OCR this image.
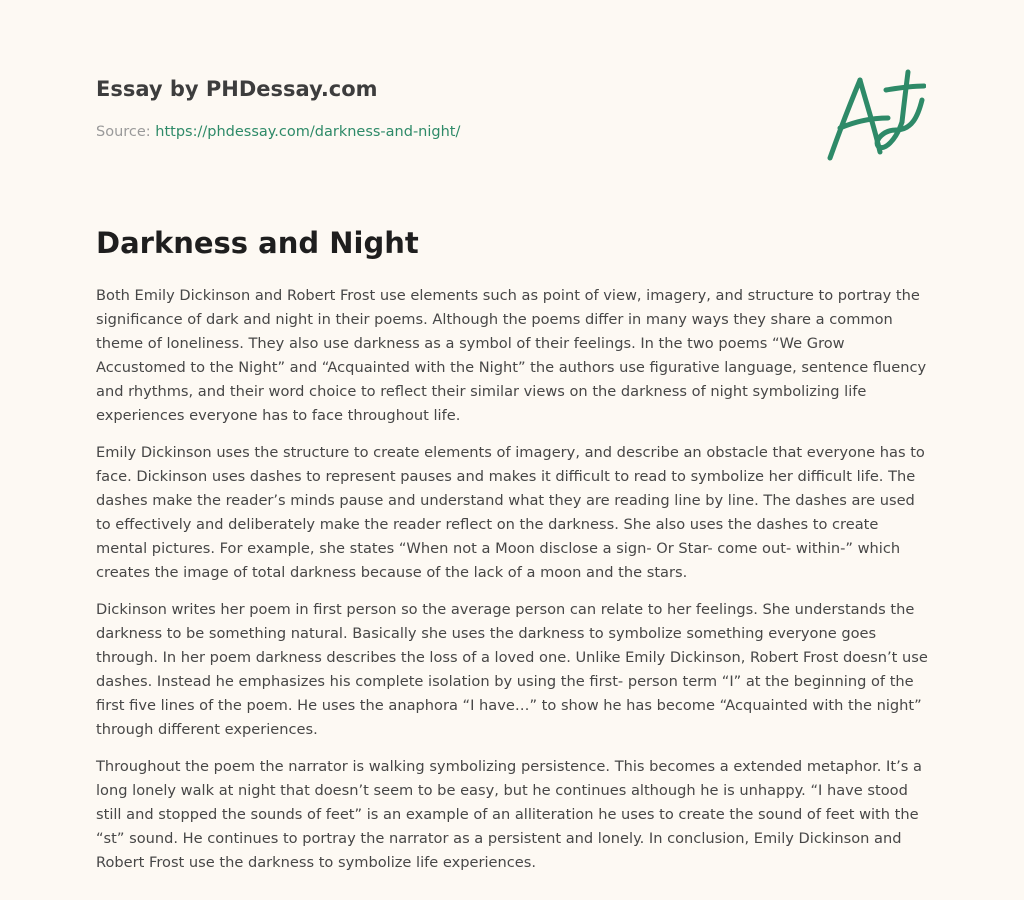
Essay by PHDessay.com
Source: https://phdessay.com/darkness-and-night/
Darkness and Night

Both Emily Dickinson and Robert Frost use elements such as point of view, imagery, and structure to portray the significance of dark and night in their poems. Although the poems differ in many ways they share a common theme of loneliness. They also use darkness as a symbol of their feelings. In the two poems “We Grow Accustomed to the Night” and “Acquainted with the Night” the authors use figurative language, sentence fluency and rhythms, and their word choice to reflect their similar views on the darkness of night symbolizing life experiences everyone has to face throughout life.

Emily Dickinson uses the structure to create elements of imagery, and describe an obstacle that everyone has to face. Dickinson uses dashes to represent pauses and makes it difficult to read to symbolize her difficult life. The dashes make the reader’s minds pause and understand what they are reading line by line. The dashes are used to effectively and deliberately make the reader reflect on the darkness. She also uses the dashes to create mental pictures. For example, she states “When not a Moon disclose a sign- Or Star- come out- within-” which creates the image of total darkness because of the lack of a moon and the stars.

Dickinson writes her poem in first person so the average person can relate to her feelings. She understands the darkness to be something natural. Basically she uses the darkness to symbolize something everyone goes through. In her poem darkness describes the loss of a loved one. Unlike Emily Dickinson, Robert Frost doesn’t use dashes. Instead he emphasizes his complete isolation by using the first- person term “I” at the beginning of the first five lines of the poem. He uses the anaphora “I have…” to show he has become “Acquainted with the night” through different experiences.

Throughout the poem the narrator is walking symbolizing persistence. This becomes a extended metaphor. It’s a long lonely walk at night that doesn’t seem to be easy, but he continues although he is unhappy. “I have stood still and stopped the sounds of feet” is an example of an alliteration he uses to create the sound of feet with the “st” sound. He continues to portray the narrator as a persistent and lonely. In conclusion, Emily Dickinson and Robert Frost use the darkness to symbolize life experiences.
